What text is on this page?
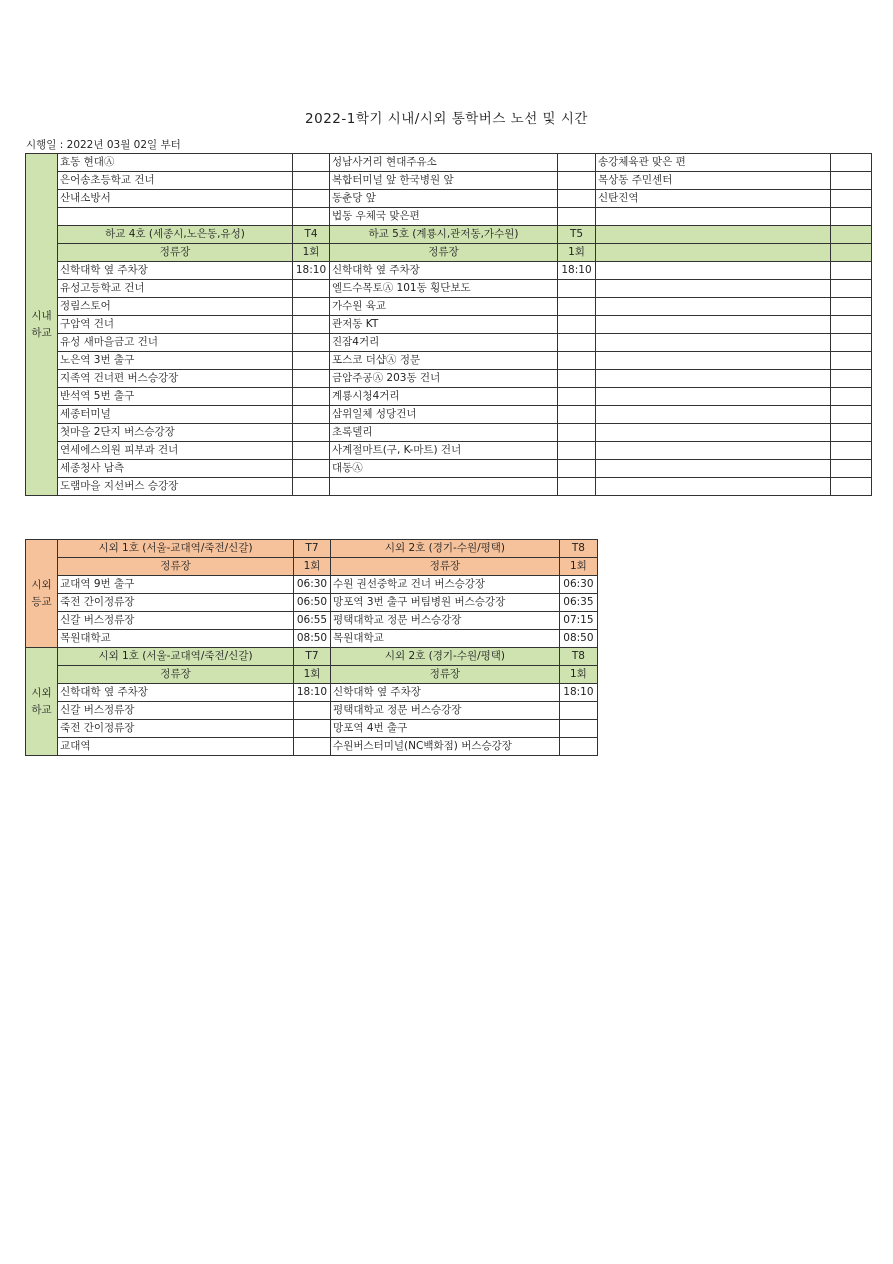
2022-1학기 시내/시외 통학버스 노선 및 시간
시행일 : 2022년 03월 02일 부터
시내 하교	효동 현대Ⓐ		성남사거리 현대주유소		송강체육관 맞은 편	
	은어송초등학교 건너		복합터미널 앞 한국병원 앞		목상동 주민센터	
	산내소방서		동춘당 앞		신탄진역	
			법동 우체국 맞은편			
	하교 4호 (세종시,노은동,유성)	T4	하교 5호 (계룡시,관저동,가수원)	T5		
	정류장	1회	정류장	1회		
	신학대학 옆 주차장	18:10	신학대학 옆 주차장	18:10		
	유성고등학교 건너		엘드수목토Ⓐ 101동 횡단보도			
	정림스토어		가수원 육교			
	구암역 건너		관저동 KT			
	유성 새마을금고 건너		진잠4거리			
	노은역 3번 출구		포스코 더샵Ⓐ 정문			
	지족역 건너편 버스승강장		금암주공Ⓐ 203동 건너			
	반석역 5번 출구		계룡시청4거리			
	세종터미널		삼위일체 성당건너			
	첫마을 2단지 버스승강장		초록델리			
	연세에스의원 피부과 건너		사계절마트(구, K-마트) 건너			
	세종청사 남측		대동Ⓐ			
	도램마을 지선버스 승강장					
시외 등교	시외 1호 (서울-교대역/죽전/신갈)	T7	시외 2호 (경기-수원/평택)	T8
	정류장	1회	정류장	1회
	교대역 9번 출구	06:30	수원 권선중학교 건너 버스승강장	06:30
	죽전 간이정류장	06:50	망포역 3번 출구 버팀병원 버스승강장	06:35
	신갈 버스정류장	06:55	평택대학교 정문 버스승강장	07:15
	목원대학교	08:50	목원대학교	08:50
시외 하교	시외 1호 (서울-교대역/죽전/신갈)	T7	시외 2호 (경기-수원/평택)	T8
	정류장	1회	정류장	1회
	신학대학 옆 주차장	18:10	신학대학 옆 주차장	18:10
	신갈 버스정류장		평택대학교 정문 버스승강장	
	죽전 간이정류장		망포역 4번 출구	
	교대역		수원버스터미널(NC백화점) 버스승강장	
